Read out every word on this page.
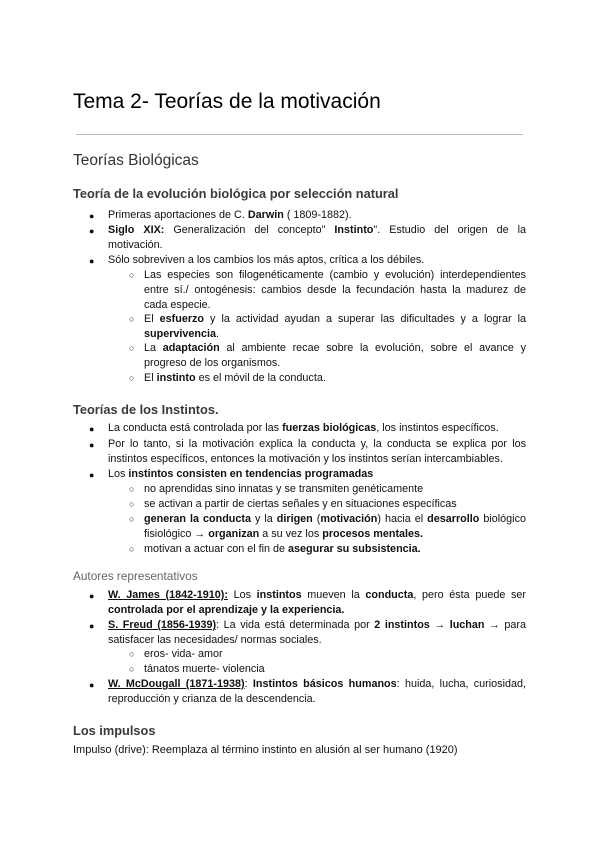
Tema 2- Teorías de la motivación
Teorías Biológicas
Teoría de la evolución biológica por selección natural
● Primeras aportaciones de C. Darwin ( 1809-1882).
● Siglo XIX: Generalización del concepto" Instinto". Estudio del origen de la
motivación.
● Sólo sobreviven a los cambios los más aptos, crítica a los débiles.
○ Las especies son filogenéticamente (cambio y evolución) interdependientes
entre sí./ ontogénesis: cambios desde la fecundación hasta la madurez de
cada especie.
○ El esfuerzo y la actividad ayudan a superar las dificultades y a lograr la
supervivencia.
○ La adaptación al ambiente recae sobre la evolución, sobre el avance y
progreso de los organismos.
○ El instinto es el móvil de la conducta.
Teorías de los Instintos.
● La conducta está controlada por las fuerzas biológicas, los instintos específicos.
● Por lo tanto, si la motivación explica la conducta y, la conducta se explica por los
instintos específicos, entonces la motivación y los instintos serían intercambiables.
● Los instintos consisten en tendencias programadas
○ no aprendidas sino innatas y se transmiten genéticamente
○ se activan a partir de ciertas señales y en situaciones específicas
○ generan la conducta y la dirigen (motivación) hacia el desarrollo biológico
fisiológico → organizan a su vez los procesos mentales.
○ motivan a actuar con el fin de asegurar su subsistencia.
Autores representativos
● W. James (1842-1910): Los instintos mueven la conducta, pero ésta puede ser
controlada por el aprendizaje y la experiencia.
● S. Freud (1856-1939): La vida está determinada por 2 instintos → luchan → para
satisfacer las necesidades/ normas sociales.
○ eros- vida- amor
○ tánatos muerte- violencia
● W. McDougall (1871-1938): Instintos básicos humanos: huida, lucha, curiosidad,
reproducción y crianza de la descendencia.
Los impulsos

Impulso (drive): Reemplaza al término instinto en alusión al ser humano (1920)
